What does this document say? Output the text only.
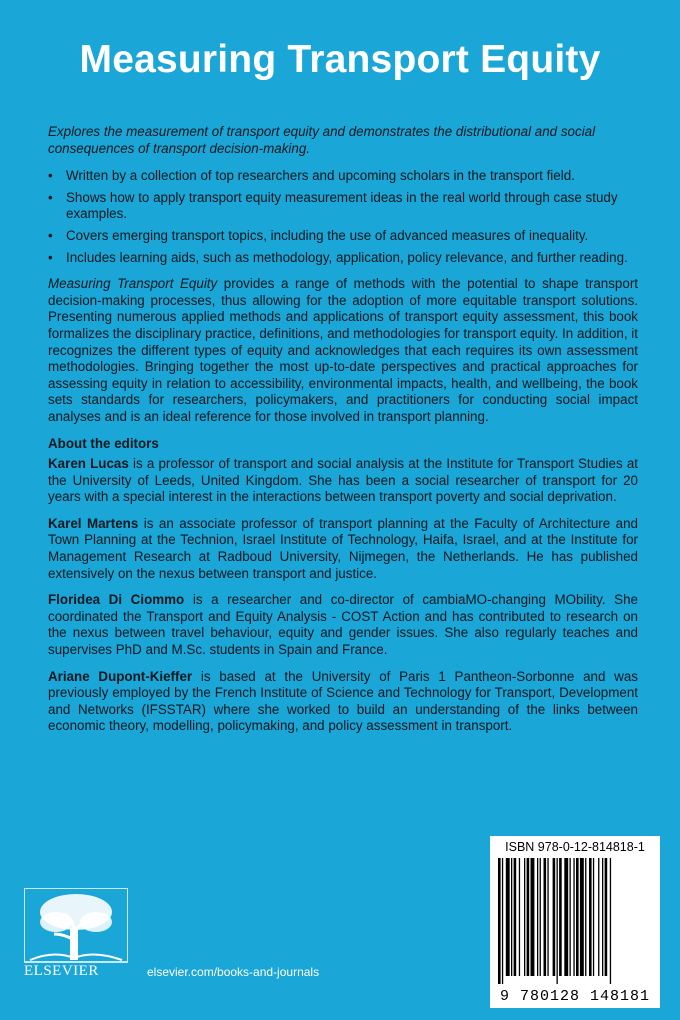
Measuring Transport Equity

Explores the measurement of transport equity and demonstrates the distributional and social consequences of transport decision-making.

• Written by a collection of top researchers and upcoming scholars in the transport field.
• Shows how to apply transport equity measurement ideas in the real world through case study examples.
• Covers emerging transport topics, including the use of advanced measures of inequality.
• Includes learning aids, such as methodology, application, policy relevance, and further reading.

Measuring Transport Equity provides a range of methods with the potential to shape transport decision-making processes, thus allowing for the adoption of more equitable transport solutions. Presenting numerous applied methods and applications of transport equity assessment, this book formalizes the disciplinary practice, definitions, and methodologies for transport equity. In addition, it recognizes the different types of equity and acknowledges that each requires its own assessment methodologies. Bringing together the most up-to-date perspectives and practical approaches for assessing equity in relation to accessibility, environmental impacts, health, and wellbeing, the book sets standards for researchers, policymakers, and practitioners for conducting social impact analyses and is an ideal reference for those involved in transport planning.

About the editors

Karen Lucas is a professor of transport and social analysis at the Institute for Transport Studies at the University of Leeds, United Kingdom. She has been a social researcher of transport for 20 years with a special interest in the interactions between transport poverty and social deprivation.

Karel Martens is an associate professor of transport planning at the Faculty of Architecture and Town Planning at the Technion, Israel Institute of Technology, Haifa, Israel, and at the Institute for Management Research at Radboud University, Nijmegen, the Netherlands. He has published extensively on the nexus between transport and justice.

Floridea Di Ciommo is a researcher and co-director of cambiaMO-changing MObility. She coordinated the Transport and Equity Analysis - COST Action and has contributed to research on the nexus between travel behaviour, equity and gender issues. She also regularly teaches and supervises PhD and M.Sc. students in Spain and France.

Ariane Dupont-Kieffer is based at the University of Paris 1 Pantheon-Sorbonne and was previously employed by the French Institute of Science and Technology for Transport, Development and Networks (IFSSTAR) where she worked to build an understanding of the links between economic theory, modelling, policymaking, and policy assessment in transport.

ELSEVIER	elsevier.com/books-and-journals
ISBN 978-0-12-814818-1
9 780128 148181
